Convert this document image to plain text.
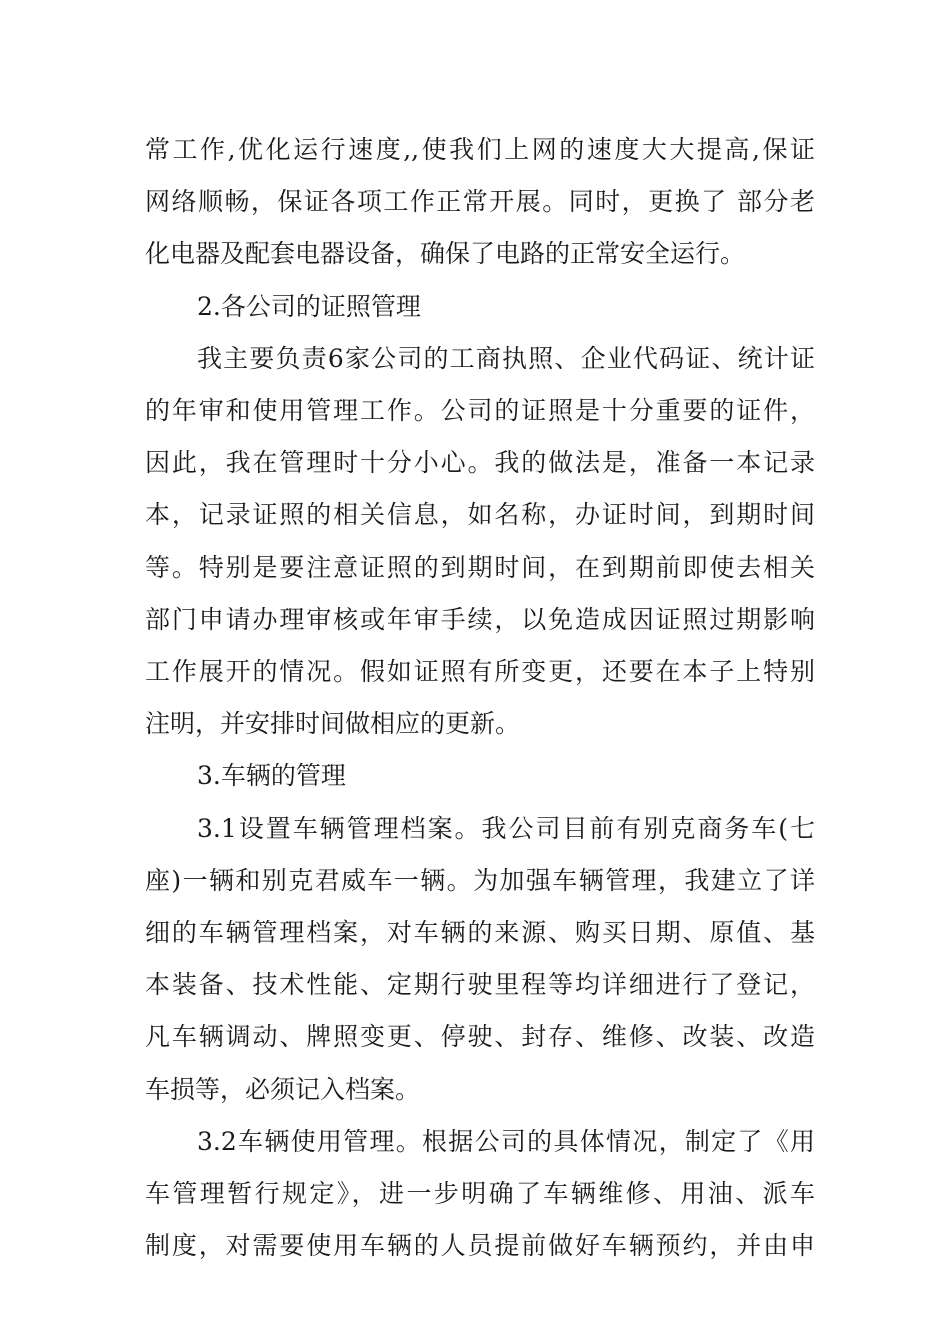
常工作,优化运行速度,,使我们上网的速度大大提高,保证
网络顺畅，保证各项工作正常开展。同时，更换了 部分老
化电器及配套电器设备，确保了电路的正常安全运行。
2.各公司的证照管理
我主要负责6家公司的工商执照、企业代码证、统计证
的年审和使用管理工作。公司的证照是十分重要的证件，
因此，我在管理时十分小心。我的做法是，准备一本记录
本，记录证照的相关信息，如名称，办证时间，到期时间
等。特别是要注意证照的到期时间，在到期前即使去相关
部门申请办理审核或年审手续，以免造成因证照过期影响
工作展开的情况。假如证照有所变更，还要在本子上特别
注明，并安排时间做相应的更新。
3.车辆的管理
3.1设置车辆管理档案。我公司目前有别克商务车(七
座)一辆和别克君威车一辆。为加强车辆管理，我建立了详
细的车辆管理档案，对车辆的来源、购买日期、原值、基
本装备、技术性能、定期行驶里程等均详细进行了登记，
凡车辆调动、牌照变更、停驶、封存、维修、改装、改造
车损等，必须记入档案。
3.2车辆使用管理。根据公司的具体情况，制定了《用
车管理暂行规定》，进一步明确了车辆维修、用油、派车
制度，对需要使用车辆的人员提前做好车辆预约，并由申
